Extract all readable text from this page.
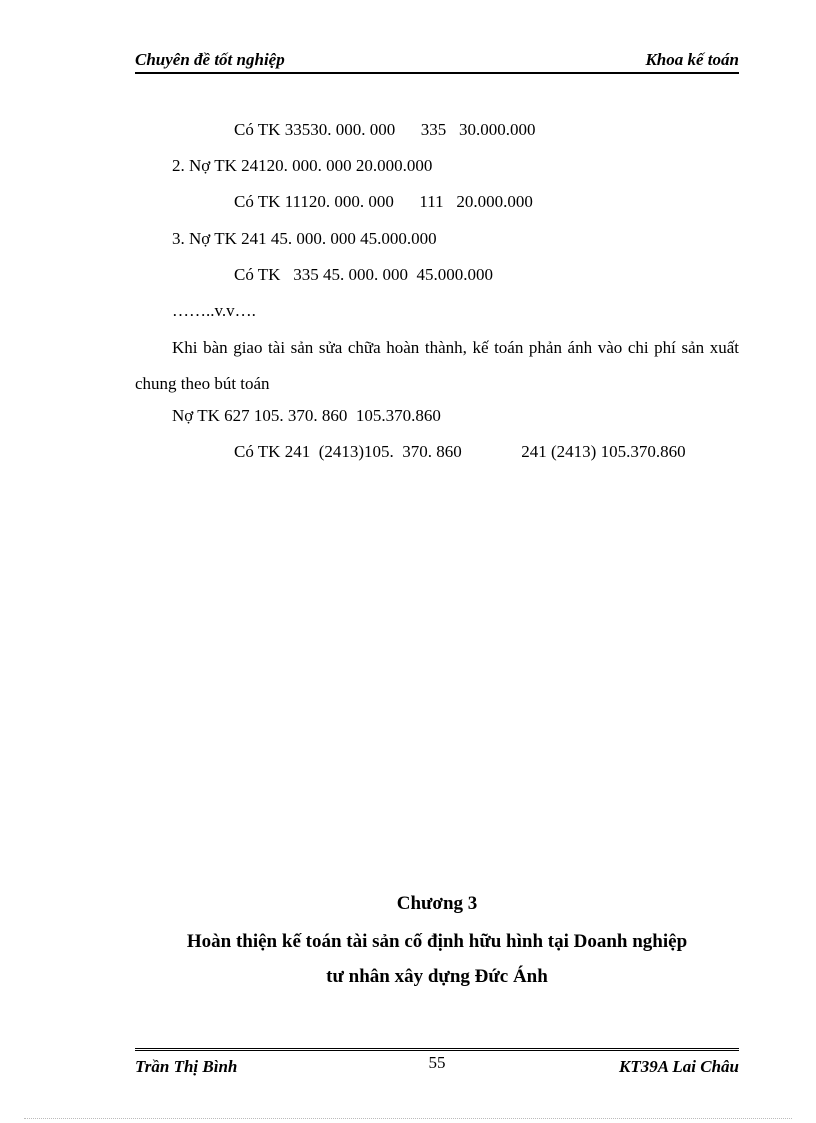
Chuyên đề tốt nghiệp	Khoa kế toán
Có TK 33530. 000. 000      335   30.000.000
2. Nợ TK 24120. 000. 000 20.000.000
Có TK 11120. 000. 000      111   20.000.000
3. Nợ TK 241 45. 000. 000 45.000.000
Có TK   335 45. 000. 000  45.000.000
……..v.v….
Khi bàn giao tài sản sửa chữa hoàn thành, kế toán phản ánh vào chi phí sản xuất chung theo bút toán
Nợ TK 627 105. 370. 860  105.370.860
Có TK 241  (2413)105.  370. 860              241 (2413) 105.370.860
Chương 3
Hoàn thiện kế toán tài sản cố định hữu hình tại Doanh nghiệp
tư nhân xây dựng Đức Ánh
Trần Thị Bình	55	KT39A Lai Châu
